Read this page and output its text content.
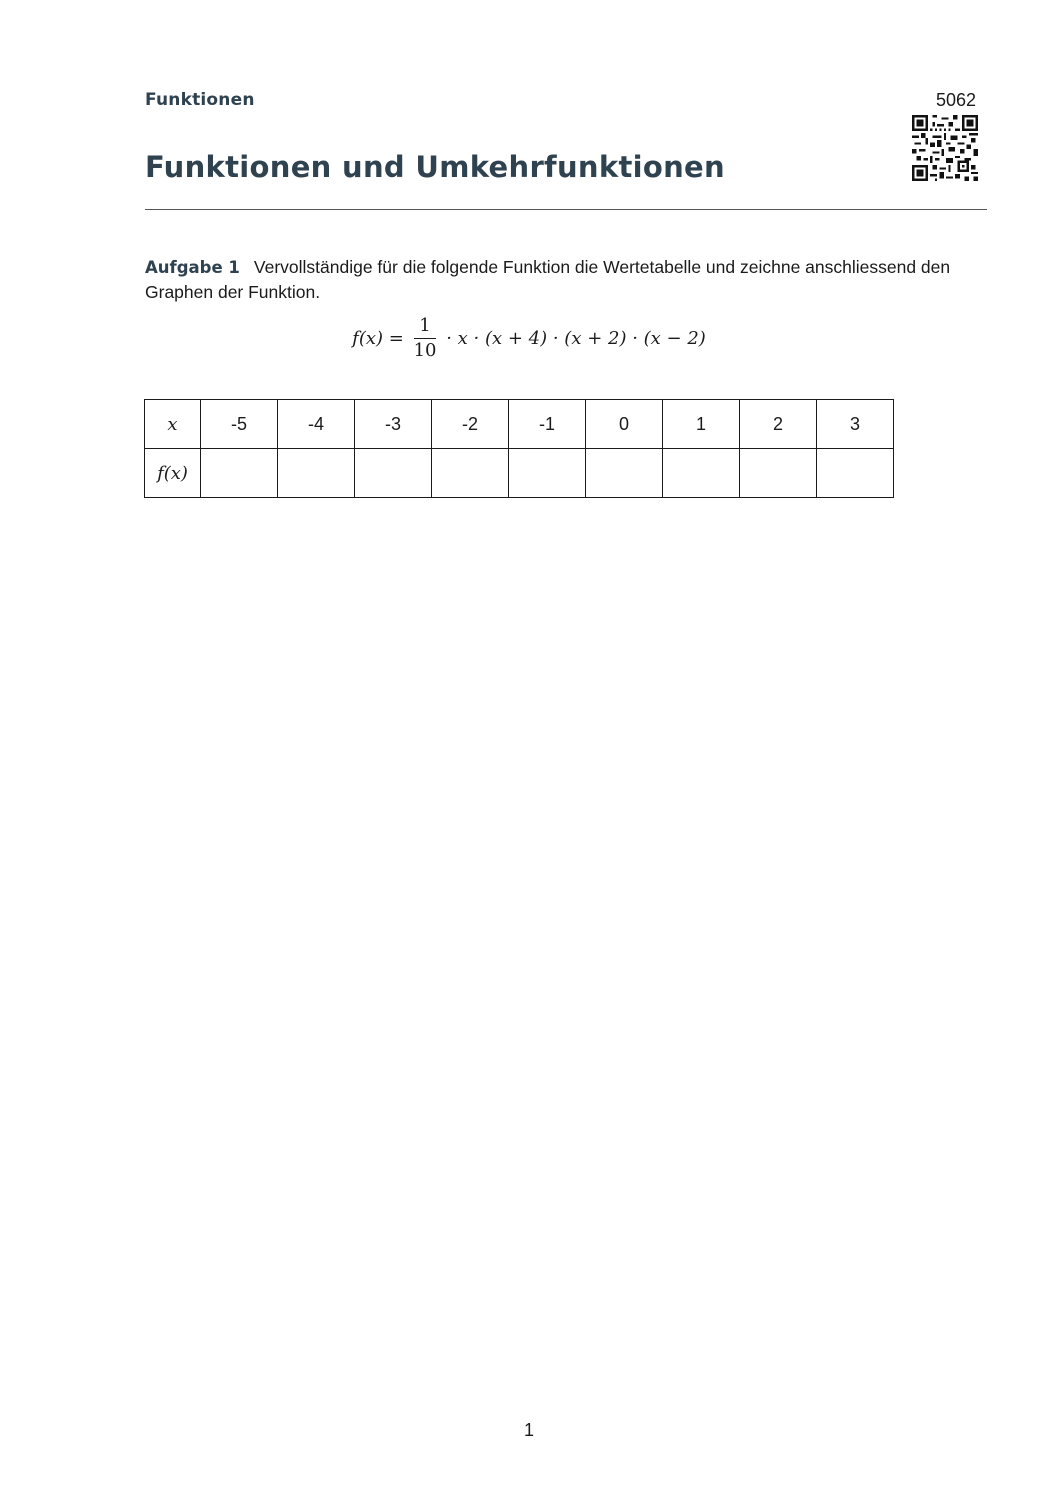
Funktionen	5062
Funktionen und Umkehrfunktionen
Aufgabe 1 Vervollständige für die folgende Funktion die Wertetabelle und zeichne anschliessend den Graphen der Funktion.
$f(x) = \frac{1}{10} \cdot x \cdot (x + 4) \cdot (x + 2) \cdot (x - 2)$
x	-5	-4	-3	-2	-1	0	1	2	3
f(x)									
1
